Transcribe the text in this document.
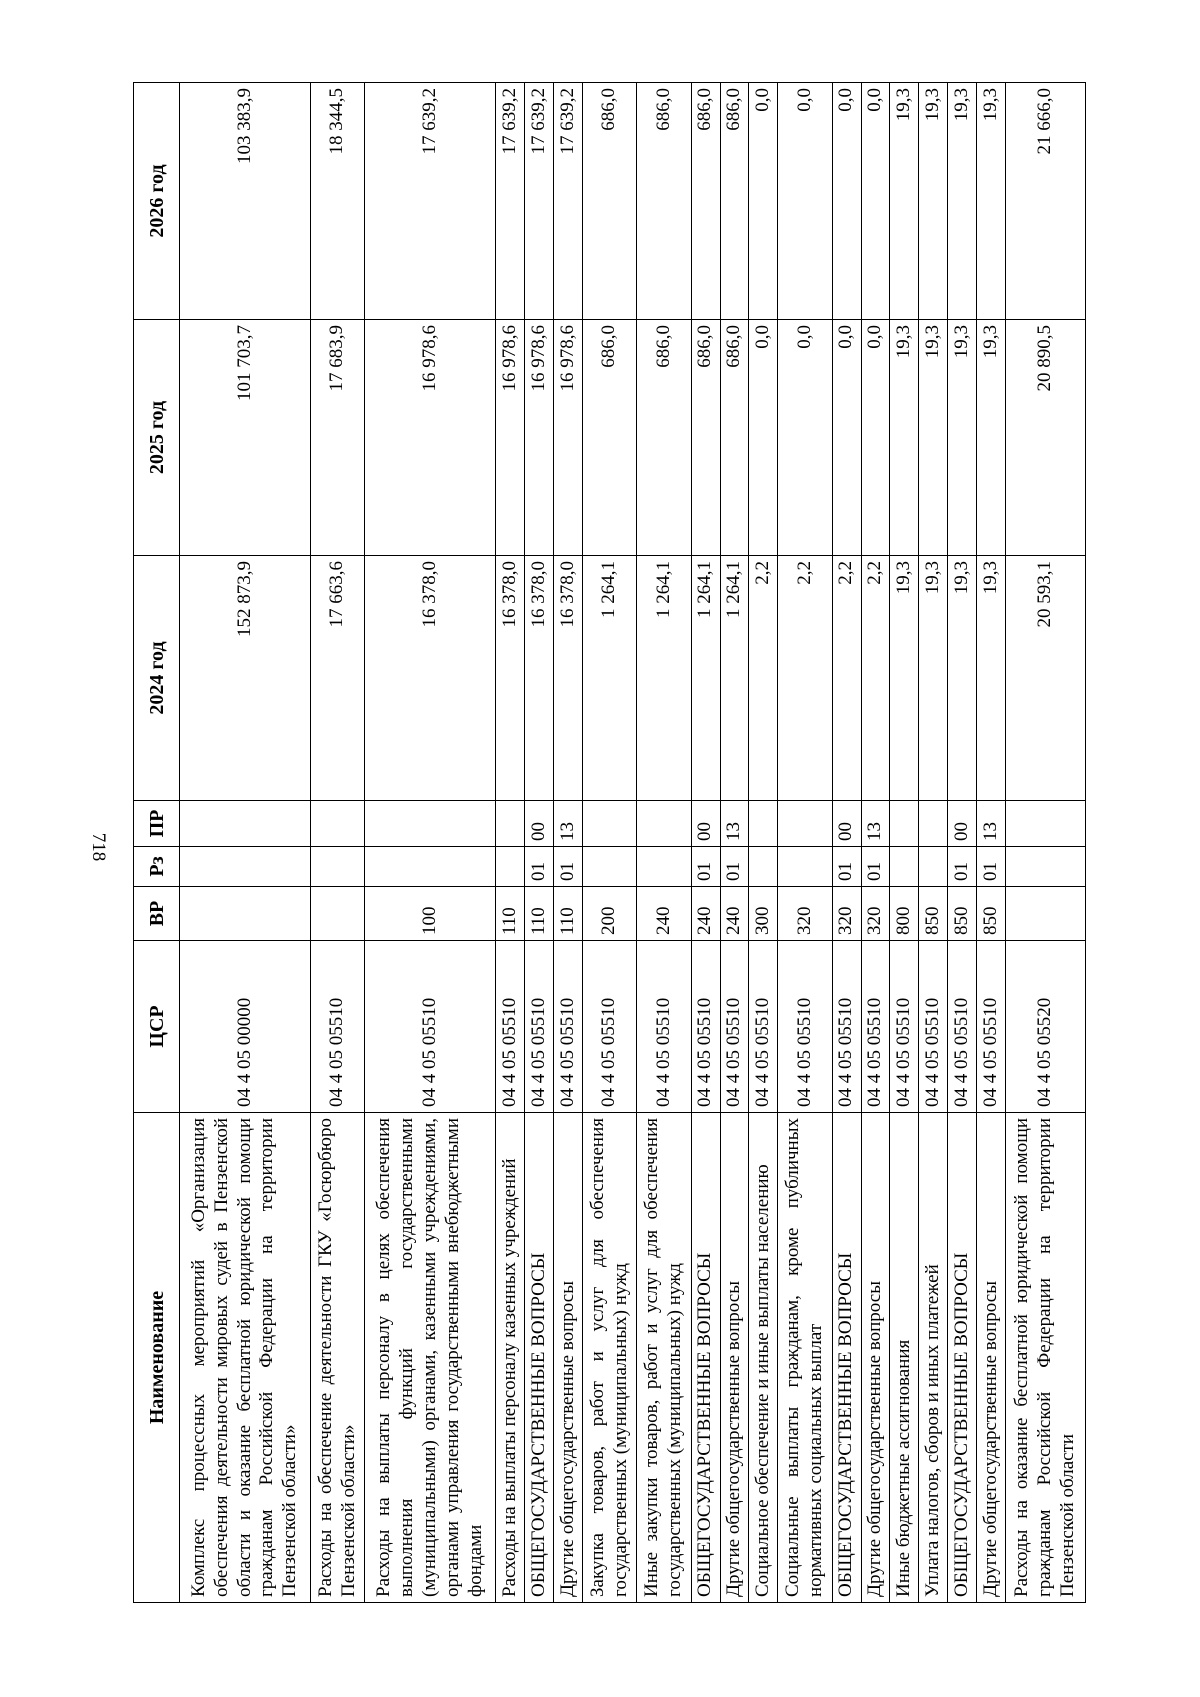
718
Наименование	ЦСР	ВР	Рз	ПР	2024 год	2025 год	2026 год
Комплекс процессных мероприятий «Организация обеспечения деятельности мировых судей в Пензенской области и оказание бесплатной юридической помощи гражданам Российской Федерации на территории Пензенской области»	04 4 05 00000				152 873,9	101 703,7	103 383,9
Расходы на обеспечение деятельности ГКУ «Госюрбюро Пензенской области»	04 4 05 05510				17 663,6	17 683,9	18 344,5
Расходы на выплаты персоналу в целях обеспечения выполнения функций государственными (муниципальными) органами, казенными учреждениями, органами управления государственными внебюджетными фондами	04 4 05 05510	100			16 378,0	16 978,6	17 639,2
Расходы на выплаты персоналу казенных учреждений	04 4 05 05510	110			16 378,0	16 978,6	17 639,2
ОБЩЕГОСУДАРСТВЕННЫЕ ВОПРОСЫ	04 4 05 05510	110	01	00	16 378,0	16 978,6	17 639,2
Другие общегосударственные вопросы	04 4 05 05510	110	01	13	16 378,0	16 978,6	17 639,2
Закупка товаров, работ и услуг для обеспечения государственных (муниципальных) нужд	04 4 05 05510	200			1 264,1	686,0	686,0
Иные закупки товаров, работ и услуг для обеспечения государственных (муниципальных) нужд	04 4 05 05510	240			1 264,1	686,0	686,0
ОБЩЕГОСУДАРСТВЕННЫЕ ВОПРОСЫ	04 4 05 05510	240	01	00	1 264,1	686,0	686,0
Другие общегосударственные вопросы	04 4 05 05510	240	01	13	1 264,1	686,0	686,0
Социальное обеспечение и иные выплаты населению	04 4 05 05510	300			2,2	0,0	0,0
Социальные выплаты гражданам, кроме публичных нормативных социальных выплат	04 4 05 05510	320			2,2	0,0	0,0
ОБЩЕГОСУДАРСТВЕННЫЕ ВОПРОСЫ	04 4 05 05510	320	01	00	2,2	0,0	0,0
Другие общегосударственные вопросы	04 4 05 05510	320	01	13	2,2	0,0	0,0
Иные бюджетные ассигнования	04 4 05 05510	800			19,3	19,3	19,3
Уплата налогов, сборов и иных платежей	04 4 05 05510	850			19,3	19,3	19,3
ОБЩЕГОСУДАРСТВЕННЫЕ ВОПРОСЫ	04 4 05 05510	850	01	00	19,3	19,3	19,3
Другие общегосударственные вопросы	04 4 05 05510	850	01	13	19,3	19,3	19,3
Расходы на оказание бесплатной юридической помощи гражданам Российской Федерации на территории Пензенской области	04 4 05 05520				20 593,1	20 890,5	21 666,0
